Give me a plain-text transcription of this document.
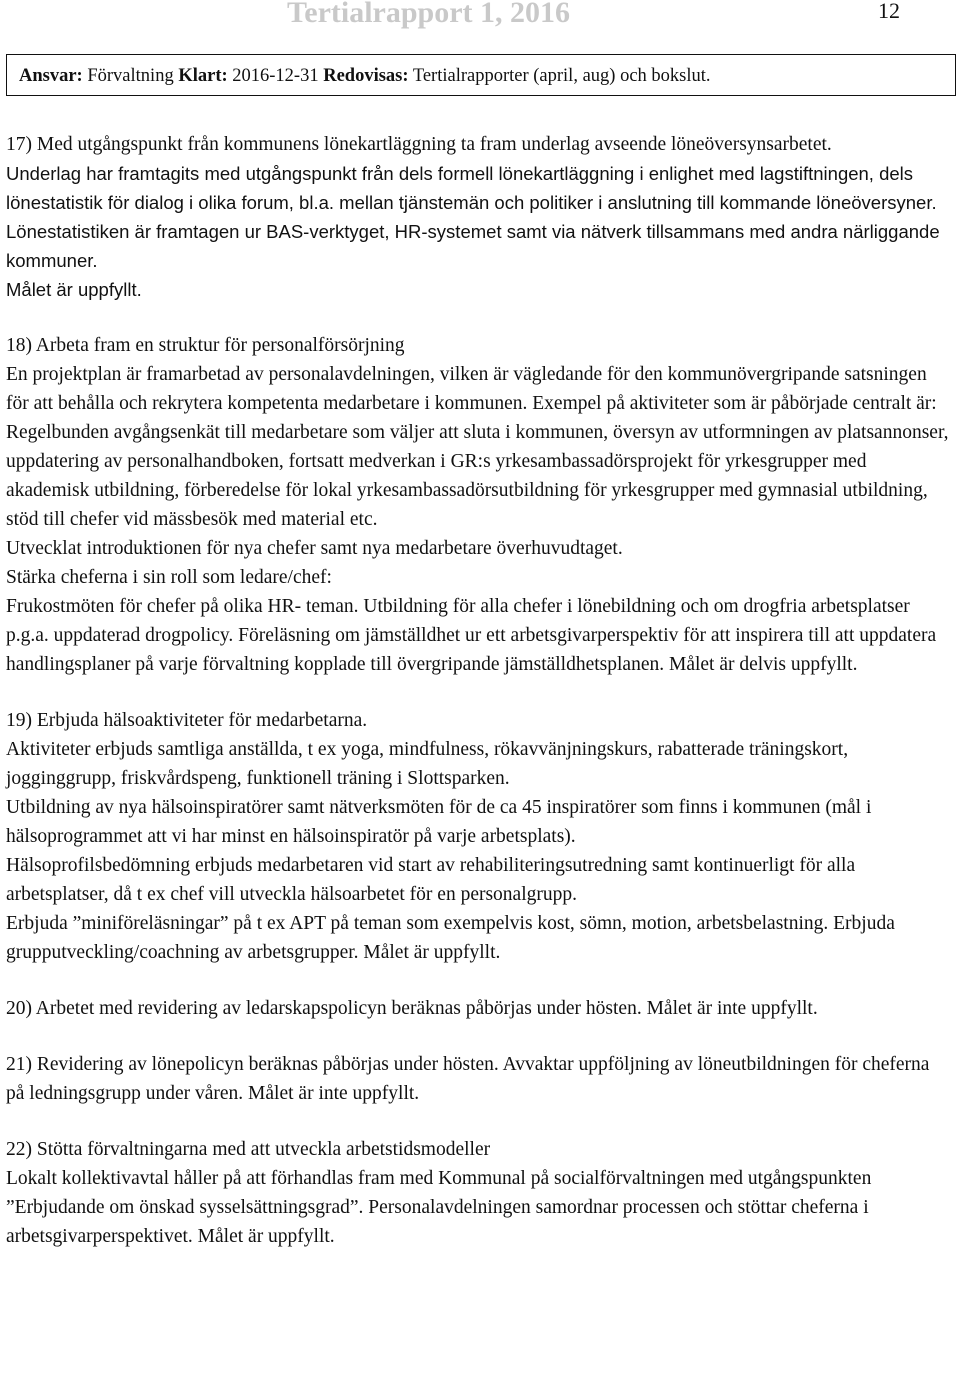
Tertialrapport 1, 2016	12
Ansvar: Förvaltning Klart: 2016-12-31 Redovisas: Tertialrapporter (april, aug) och bokslut.

17) Med utgångspunkt från kommunens lönekartläggning ta fram underlag avseende löneöversynsarbetet.

Underlag har framtagits med utgångspunkt från dels formell lönekartläggning i enlighet med lagstiftningen, dels lönestatistik för dialog i olika forum, bl.a. mellan tjänstemän och politiker i anslutning till kommande löneöversyner. Lönestatistiken är framtagen ur BAS-verktyget, HR-systemet samt via nätverk tillsammans med andra närliggande kommuner.

Målet är uppfyllt.

18) Arbeta fram en struktur för personalförsörjning

En projektplan är framarbetad av personalavdelningen, vilken är vägledande för den kommunövergripande satsningen för att behålla och rekrytera kompetenta medarbetare i kommunen. Exempel på aktiviteter som är påbörjade centralt är:

Regelbunden avgångsenkät till medarbetare som väljer att sluta i kommunen, översyn av utformningen av platsannonser, uppdatering av personalhandboken, fortsatt medverkan i GR:s yrkesambassadörsprojekt för yrkesgrupper med akademisk utbildning, förberedelse för lokal yrkesambassadörsutbildning för yrkesgrupper med gymnasial utbildning, stöd till chefer vid mässbesök med material etc.

Utvecklat introduktionen för nya chefer samt nya medarbetare överhuvudtaget.

Stärka cheferna i sin roll som ledare/chef:

Frukostmöten för chefer på olika HR- teman. Utbildning för alla chefer i lönebildning och om drogfria arbetsplatser p.g.a. uppdaterad drogpolicy. Föreläsning om jämställdhet ur ett arbetsgivarperspektiv för att inspirera till att uppdatera handlingsplaner på varje förvaltning kopplade till övergripande jämställdhetsplanen. Målet är delvis uppfyllt.

19) Erbjuda hälsoaktiviteter för medarbetarna.

Aktiviteter erbjuds samtliga anställda, t ex yoga, mindfulness, rökavvänjningskurs, rabatterade träningskort, jogginggrupp, friskvårdspeng, funktionell träning i Slottsparken.

Utbildning av nya hälsoinspiratörer samt nätverksmöten för de ca 45 inspiratörer som finns i kommunen (mål i hälsoprogrammet att vi har minst en hälsoinspiratör på varje arbetsplats).

Hälsoprofilsbedömning erbjuds medarbetaren vid start av rehabiliteringsutredning samt kontinuerligt för alla arbetsplatser, då t ex chef vill utveckla hälsoarbetet för en personalgrupp.

Erbjuda ”miniföreläsningar” på t ex APT på teman som exempelvis kost, sömn, motion, arbetsbelastning. Erbjuda grupputveckling/coachning av arbetsgrupper. Målet är uppfyllt.

20) Arbetet med revidering av ledarskapspolicyn beräknas påbörjas under hösten. Målet är inte uppfyllt.

21) Revidering av lönepolicyn beräknas påbörjas under hösten. Avvaktar uppföljning av löneutbildningen för cheferna på ledningsgrupp under våren. Målet är inte uppfyllt.

22) Stötta förvaltningarna med att utveckla arbetstidsmodeller

Lokalt kollektivavtal håller på att förhandlas fram med Kommunal på socialförvaltningen med utgångspunkten ”Erbjudande om önskad sysselsättningsgrad”. Personalavdelningen samordnar processen och stöttar cheferna i arbetsgivarperspektivet. Målet är uppfyllt.
